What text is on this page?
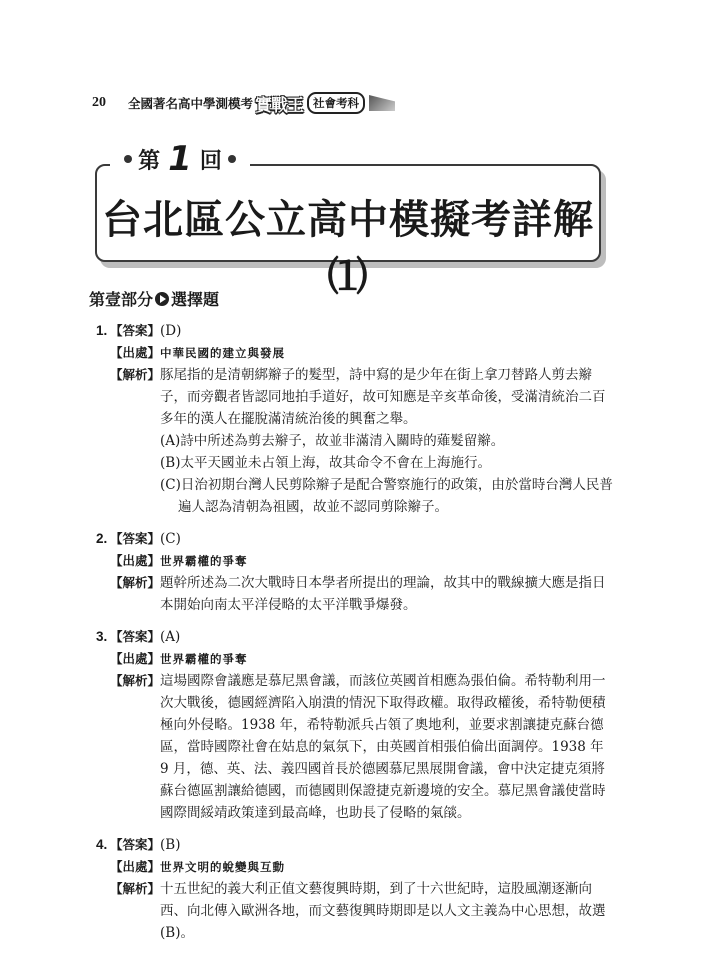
20 全國著名高中學測模考 實戰王 社會考科
台北區公立高中模擬考詳解⑴
第 1 回
第壹部分 選擇題
1. 【答案】 (D)
【出處】 中華民國的建立與發展
【解析】 豚尾指的是清朝綁辮子的髮型，詩中寫的是少年在街上拿刀替路人剪去辮子，而旁觀者皆認同地拍手道好，故可知應是辛亥革命後，受滿清統治二百多年的漢人在擺脫滿清統治後的興奮之舉。
(A)詩中所述為剪去辮子，故並非滿清入關時的薙髮留辮。
(B)太平天國並未占領上海，故其命令不會在上海施行。
(C)日治初期台灣人民剪除辮子是配合警察施行的政策，由於當時台灣人民普
遍人認為清朝為祖國，故並不認同剪除辮子。
2. 【答案】 (C)
【出處】 世界霸權的爭奪
【解析】 題幹所述為二次大戰時日本學者所提出的理論，故其中的戰線擴大應是指日本開始向南太平洋侵略的太平洋戰爭爆發。
3. 【答案】 (A)
【出處】 世界霸權的爭奪
【解析】 這場國際會議應是慕尼黑會議，而該位英國首相應為張伯倫。希特勒利用一次大戰後，德國經濟陷入崩潰的情況下取得政權。取得政權後，希特勒便積極向外侵略。1938 年，希特勒派兵占領了奧地利，並要求割讓捷克蘇台德區，當時國際社會在姑息的氣氛下，由英國首相張伯倫出面調停。1938 年 9 月，德、英、法、義四國首長於德國慕尼黑展開會議，會中決定捷克須將蘇台德區割讓給德國，而德國則保證捷克新邊境的安全。慕尼黑會議使當時國際間綏靖政策達到最高峰，也助長了侵略的氣燄。
4. 【答案】 (B)
【出處】 世界文明的蛻變與互動
【解析】 十五世紀的義大利正值文藝復興時期，到了十六世紀時，這股風潮逐漸向西、向北傳入歐洲各地，而文藝復興時期即是以人文主義為中心思想，故選(B)。
